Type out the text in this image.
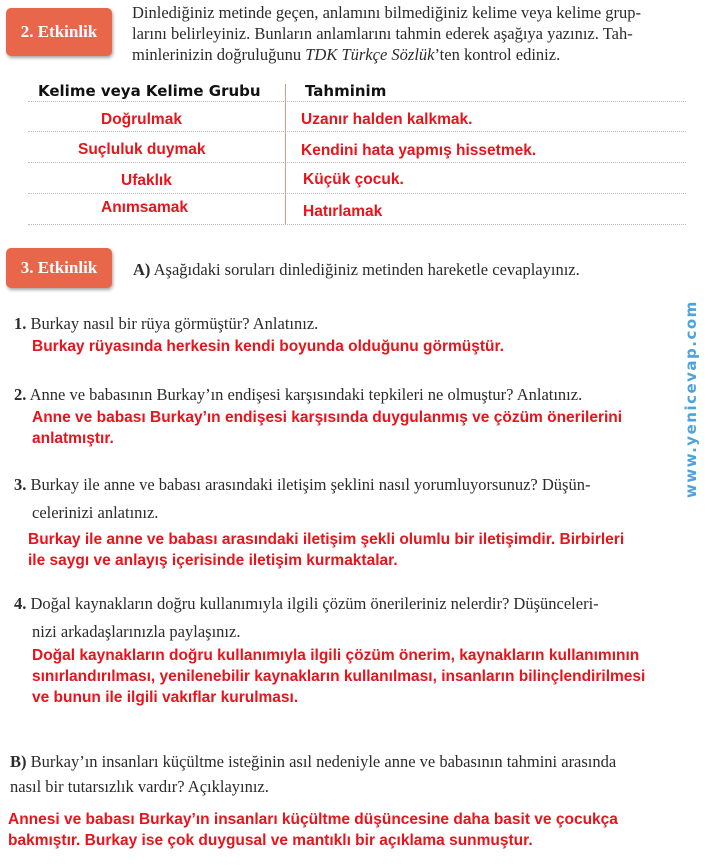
2. Etkinlik
Dinlediğiniz metinde geçen, anlamını bilmediğiniz kelime veya kelime grup-
larını belirleyiniz. Bunların anlamlarını tahmin ederek aşağıya yazınız. Tah-
minlerinizin doğruluğunu TDK Türkçe Sözlük’ten kontrol ediniz.
Kelime veya Kelime Grubu	Tahminim
Doğrulmak	Uzanır halden kalkmak.
Suçluluk duymak	Kendini hata yapmış hissetmek.
Ufaklık	Küçük çocuk.
Anımsamak	Hatırlamak
3. Etkinlik	A) Aşağıdaki soruları dinlediğiniz metinden hareketle cevaplayınız.
1. Burkay nasıl bir rüya görmüştür? Anlatınız.
Burkay rüyasında herkesin kendi boyunda olduğunu görmüştür.
2. Anne ve babasının Burkay’ın endişesi karşısındaki tepkileri ne olmuştur? Anlatınız.
Anne ve babası Burkay’ın endişesi karşısında duygulanmış ve çözüm önerilerini
anlatmıştır.
3. Burkay ile anne ve babası arasındaki iletişim şeklini nasıl yorumluyorsunuz? Düşün-
celerinizi anlatınız.
Burkay ile anne ve babası arasındaki iletişim şekli olumlu bir iletişimdir. Birbirleri
ile saygı ve anlayış içerisinde iletişim kurmaktalar.
4. Doğal kaynakların doğru kullanımıyla ilgili çözüm önerileriniz nelerdir? Düşünceleri-
nizi arkadaşlarınızla paylaşınız.
Doğal kaynakların doğru kullanımıyla ilgili çözüm önerim, kaynakların kullanımının
sınırlandırılması, yenilenebilir kaynakların kullanılması, insanların bilinçlendirilmesi
ve bunun ile ilgili vakıflar kurulması.
B) Burkay’ın insanları küçültme isteğinin asıl nedeniyle anne ve babasının tahmini arasında
nasıl bir tutarsızlık vardır? Açıklayınız.
Annesi ve babası Burkay’ın insanları küçültme düşüncesine daha basit ve çocukça
bakmıştır. Burkay ise çok duygusal ve mantıklı bir açıklama sunmuştur.
www.yenicevap.com
